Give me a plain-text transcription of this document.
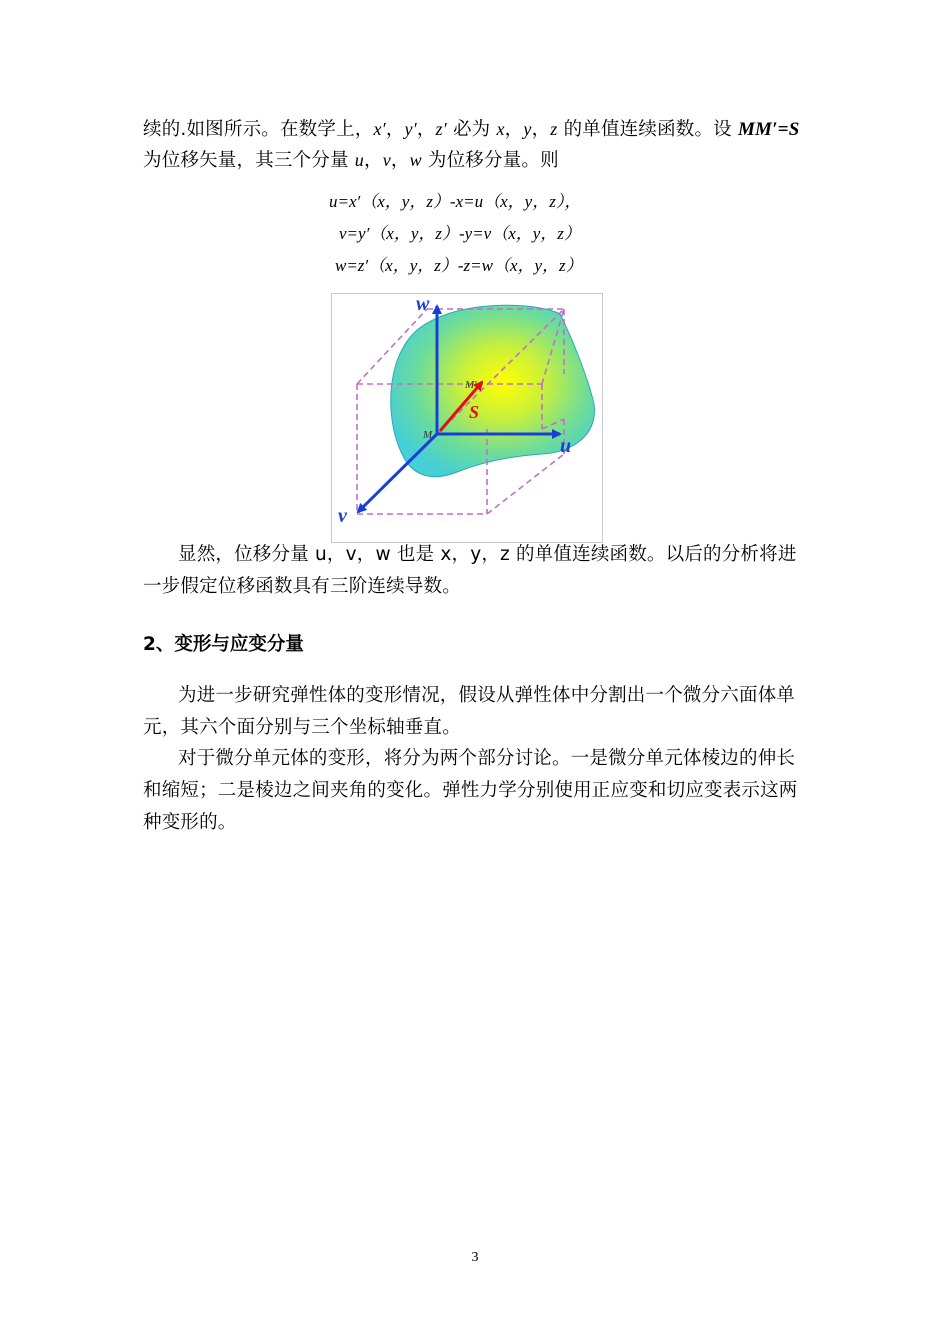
续的.如图所示。在数学上，x′，y′，z′ 必为 x，y，z 的单值连续函数。设 MM′=S
为位移矢量，其三个分量 u，v，w 为位移分量。则
u=x′（x，y，z）-x=u（x，y，z），
v=y′（x，y，z）-y=v（x，y，z）
w=z′（x，y，z）-z=w（x，y，z）
w
u
v
S
M
M′
显然，位移分量 u，v，w 也是 x，y，z 的单值连续函数。以后的分析将进
一步假定位移函数具有三阶连续导数。
2、变形与应变分量
为进一步研究弹性体的变形情况，假设从弹性体中分割出一个微分六面体单
元，其六个面分别与三个坐标轴垂直。
对于微分单元体的变形，将分为两个部分讨论。一是微分单元体棱边的伸长
和缩短；二是棱边之间夹角的变化。弹性力学分别使用正应变和切应变表示这两
种变形的。
3
